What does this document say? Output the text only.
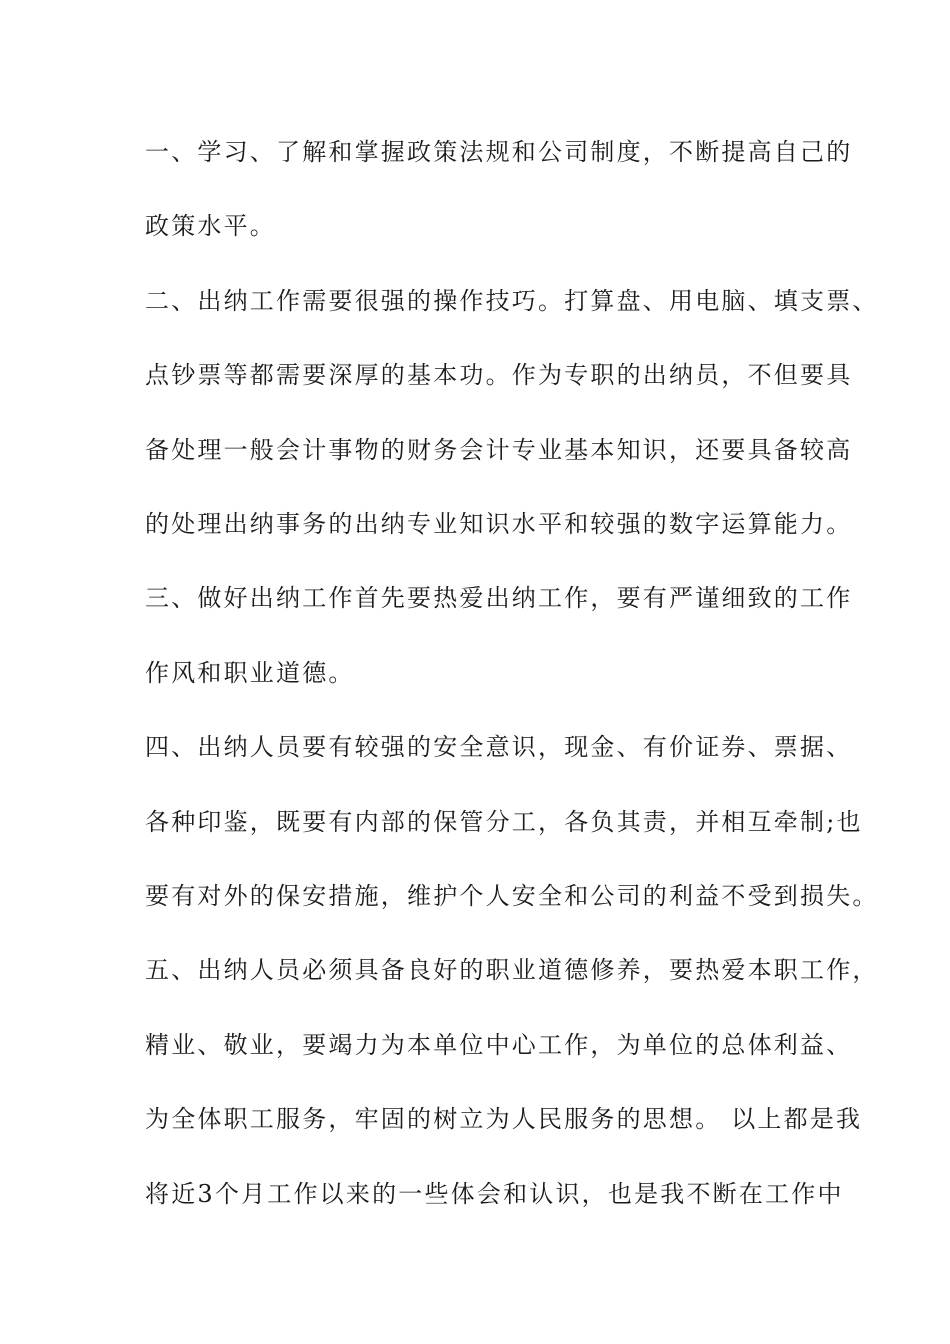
一、学习、了解和掌握政策法规和公司制度，不断提高自己的
政策水平。
二、出纳工作需要很强的操作技巧。打算盘、用电脑、填支票、
点钞票等都需要深厚的基本功。作为专职的出纳员，不但要具
备处理一般会计事物的财务会计专业基本知识，还要具备较高
的处理出纳事务的出纳专业知识水平和较强的数字运算能力。
三、做好出纳工作首先要热爱出纳工作，要有严谨细致的工作
作风和职业道德。
四、出纳人员要有较强的安全意识，现金、有价证券、票据、
各种印鉴，既要有内部的保管分工，各负其责，并相互牵制;也
要有对外的保安措施，维护个人安全和公司的利益不受到损失。
五、出纳人员必须具备良好的职业道德修养，要热爱本职工作，
精业、敬业，要竭力为本单位中心工作，为单位的总体利益、
为全体职工服务，牢固的树立为人民服务的思想。 以上都是我
将近3个月工作以来的一些体会和认识，也是我不断在工作中
